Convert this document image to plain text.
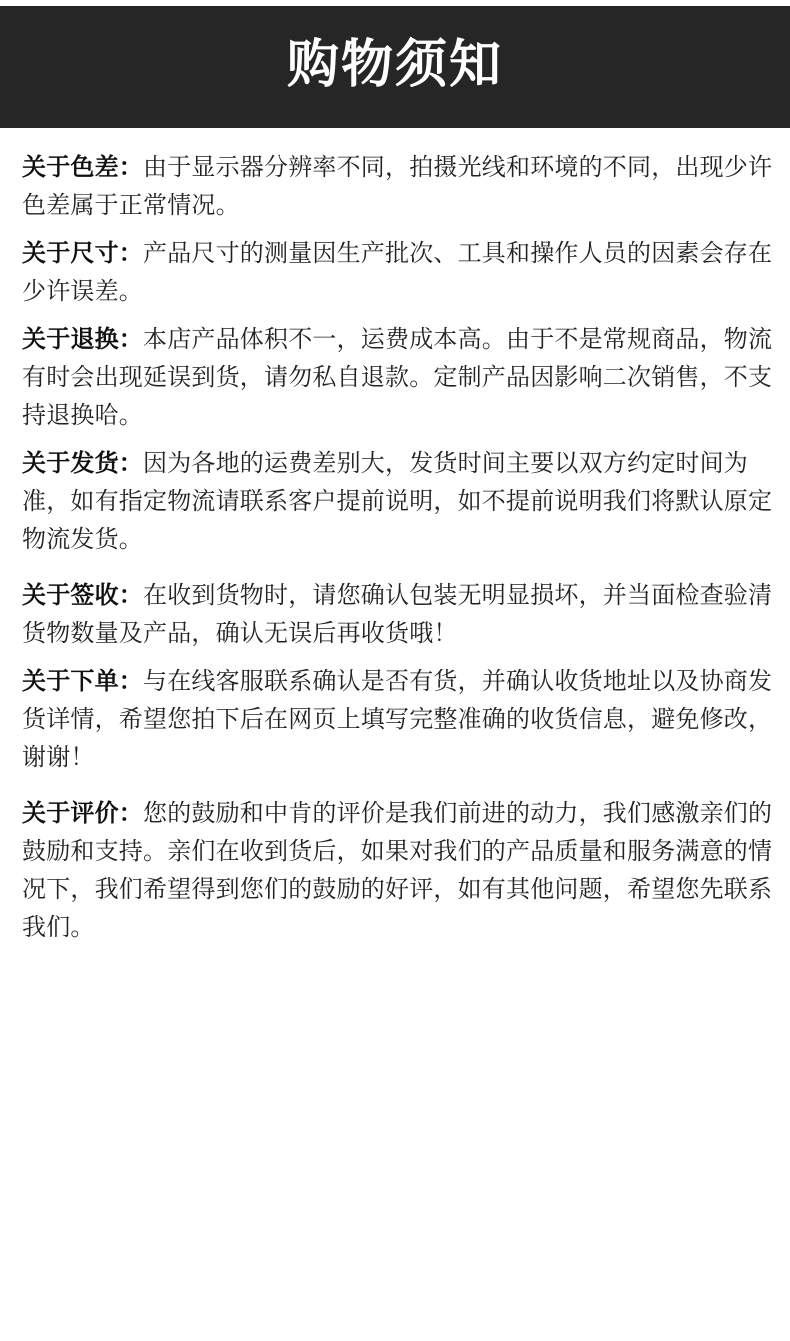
购物须知

关于色差：由于显示器分辨率不同，拍摄光线和环境的不同，出现少许色差属于正常情况。

关于尺寸：产品尺寸的测量因生产批次、工具和操作人员的因素会存在少许误差。

关于退换：本店产品体积不一，运费成本高。由于不是常规商品，物流有时会出现延误到货，请勿私自退款。定制产品因影响二次销售，不支持退换哈。

关于发货：因为各地的运费差别大，发货时间主要以双方约定时间为准，如有指定物流请联系客户提前说明，如不提前说明我们将默认原定物流发货。

关于签收：在收到货物时，请您确认包装无明显损坏，并当面检查验清货物数量及产品，确认无误后再收货哦！

关于下单：与在线客服联系确认是否有货，并确认收货地址以及协商发货详情，希望您拍下后在网页上填写完整准确的收货信息，避免修改，谢谢！

关于评价：您的鼓励和中肯的评价是我们前进的动力，我们感激亲们的鼓励和支持。亲们在收到货后，如果对我们的产品质量和服务满意的情况下，我们希望得到您们的鼓励的好评，如有其他问题，希望您先联系我们。
